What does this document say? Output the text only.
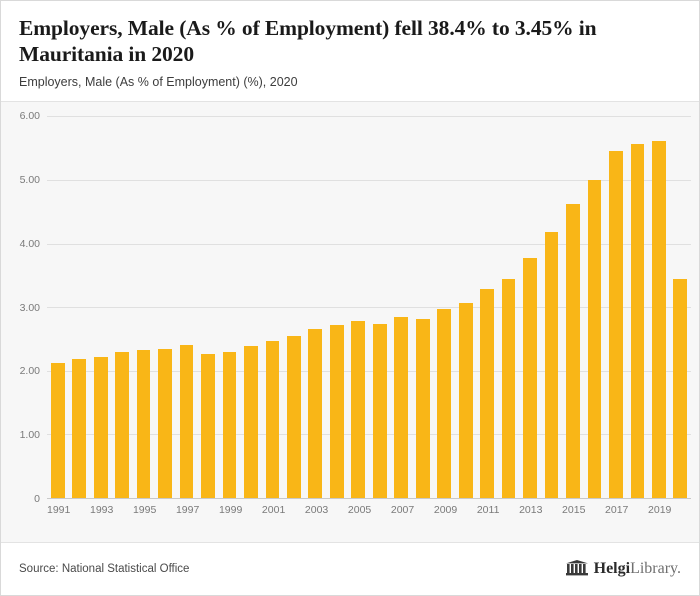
Employers, Male (As % of Employment) fell 38.4% to 3.45% in Mauritania in 2020

Employers, Male (As % of Employment) (%), 2020

0
1.00
2.00
3.00
4.00
5.00
6.00
1991 1993 1995 1997 1999 2001 2003 2005 2007 2009 2011 2013 2015 2017 2019
Source: National Statistical Office	HelgiLibrary.
